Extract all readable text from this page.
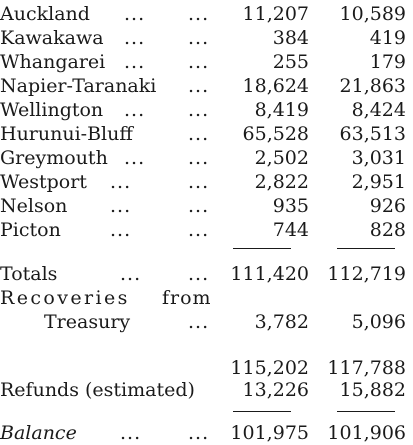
Auckland ... ... 11,207 10,589
Kawakawa ... ...	384	419
Whangarei ... ...	255	179
Napier-Taranaki ... 18,624 21,863
Wellington ... ... 8,419 8,424
Hurunui-Bluff	... 65,528 63,513
Greymouth ... ... 2,502 3,031
Westport ...	... 2,822 2,951
Nelson ...	...	935	926
Picton	...	...	744	828
Totals	... ... 111,420 112,719
Recoveries from
Treasury	... 3,782 5,096
115,202 117,788
Refunds (estimated)	13,226 15,882
Balance ... ... 101,975 101,906
